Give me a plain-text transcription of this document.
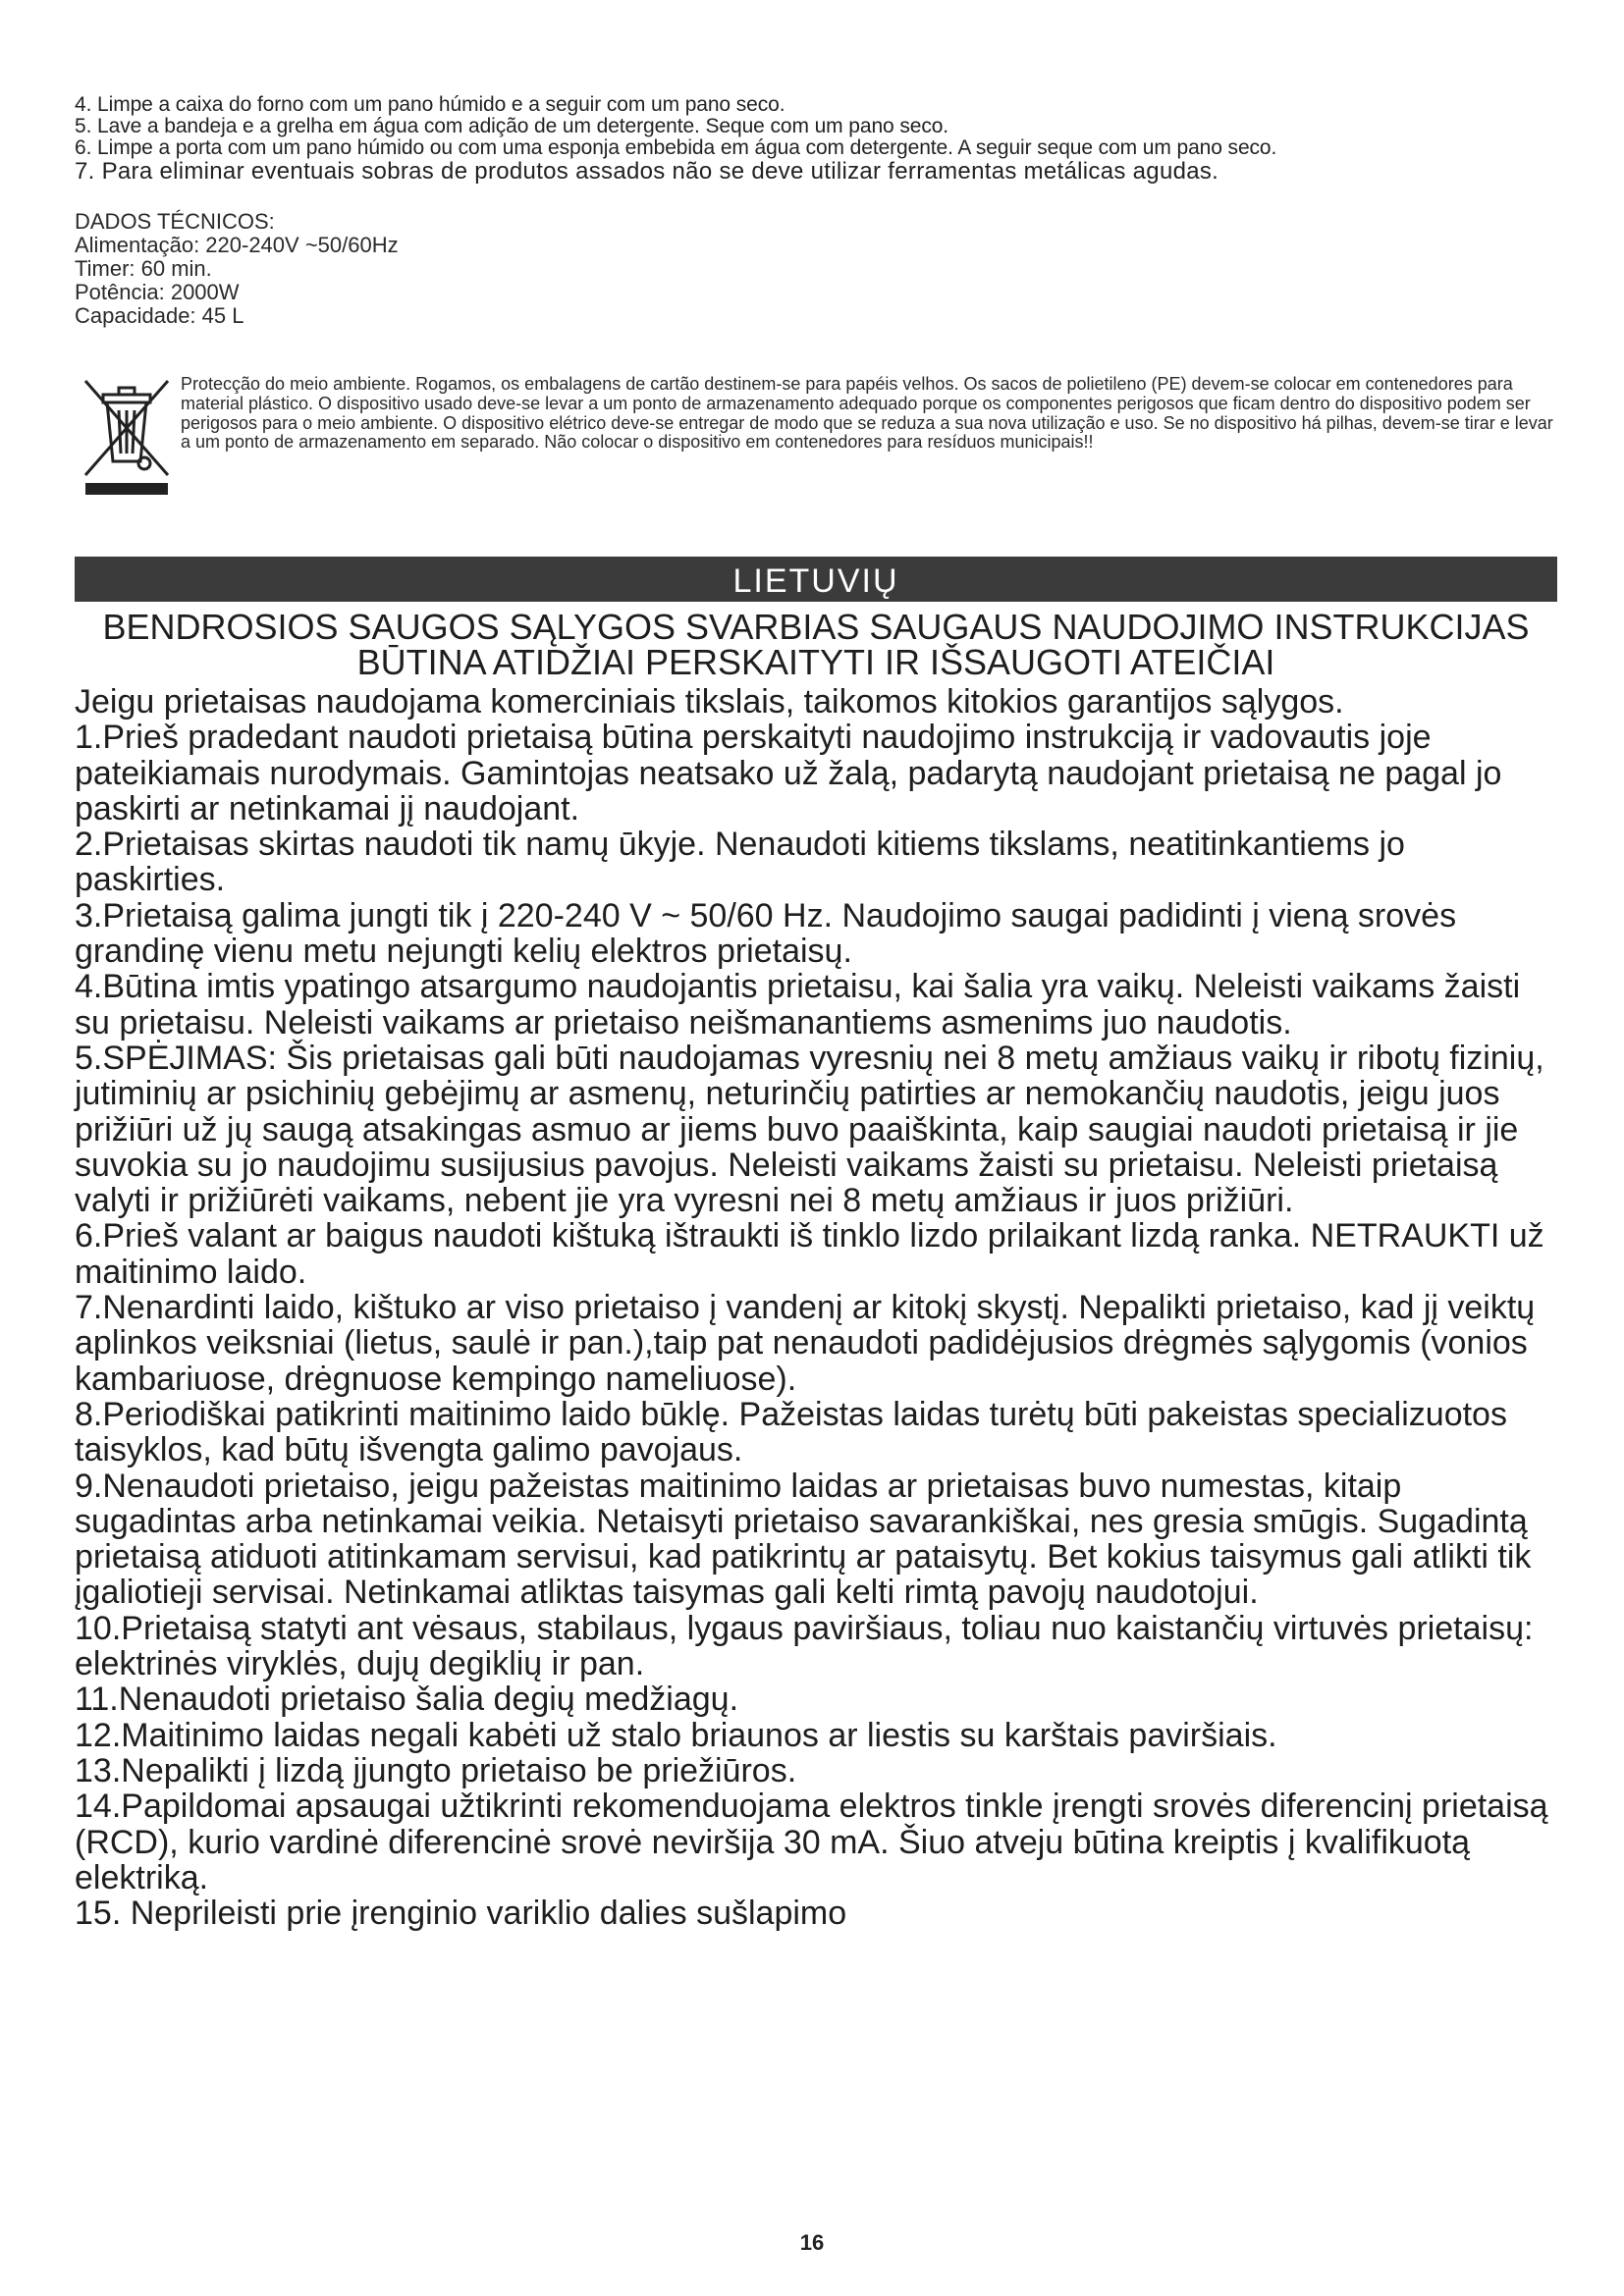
4. Limpe a caixa do forno com um pano húmido e a seguir com um pano seco.
5. Lave a bandeja e a grelha em água com adição de um detergente. Seque com um pano seco.
6. Limpe a porta com um pano húmido ou com uma esponja embebida em água com detergente. A seguir seque com um pano seco.
7. Para eliminar eventuais sobras de produtos assados não se deve utilizar ferramentas metálicas agudas.
DADOS TÉCNICOS:
Alimentação: 220-240V ~50/60Hz
Timer: 60 min.
Potência: 2000W
Capacidade: 45 L
Protecção do meio ambiente. Rogamos, os embalagens de cartão destinem-se para papéis velhos. Os sacos de polietileno (PE) devem-se colocar em contenedores para material plástico. O dispositivo usado deve-se levar a um ponto de armazenamento adequado porque os componentes perigosos que ficam dentro do dispositivo podem ser perigosos para o meio ambiente. O dispositivo elétrico deve-se entregar de modo que se reduza a sua nova utilização e uso. Se no dispositivo há pilhas, devem-se tirar e levar a um ponto de armazenamento em separado. Não colocar o dispositivo em contenedores para resíduos municipais!!
LIETUVIŲ
BENDROSIOS SAUGOS SĄLYGOS SVARBIAS SAUGAUS NAUDOJIMO INSTRUKCIJAS
BŪTINA ATIDŽIAI PERSKAITYTI IR IŠSAUGOTI ATEIČIAI

Jeigu prietaisas naudojama komerciniais tikslais, taikomos kitokios garantijos sąlygos.

1.Prieš pradedant naudoti prietaisą būtina perskaityti naudojimo instrukciją ir vadovautis joje pateikiamais nurodymais. Gamintojas neatsako už žalą, padarytą naudojant prietaisą ne pagal jo paskirti ar netinkamai jį naudojant.

2.Prietaisas skirtas naudoti tik namų ūkyje. Nenaudoti kitiems tikslams, neatitinkantiems jo paskirties.

3.Prietaisą galima jungti tik į 220-240 V ~ 50/60 Hz. Naudojimo saugai padidinti į vieną srovės grandinę vienu metu nejungti kelių elektros prietaisų.

4.Būtina imtis ypatingo atsargumo naudojantis prietaisu, kai šalia yra vaikų. Neleisti vaikams žaisti su prietaisu. Neleisti vaikams ar prietaiso neišmanantiems asmenims juo naudotis.

5.SPĖJIMAS: Šis prietaisas gali būti naudojamas vyresnių nei 8 metų amžiaus vaikų ir ribotų fizinių, jutiminių ar psichinių gebėjimų ar asmenų, neturinčių patirties ar nemokančių naudotis, jeigu juos prižiūri už jų saugą atsakingas asmuo ar jiems buvo paaiškinta, kaip saugiai naudoti prietaisą ir jie suvokia su jo naudojimu susijusius pavojus. Neleisti vaikams žaisti su prietaisu. Neleisti prietaisą valyti ir prižiūrėti vaikams, nebent jie yra vyresni nei 8 metų amžiaus ir juos prižiūri.

6.Prieš valant ar baigus naudoti kištuką ištraukti iš tinklo lizdo prilaikant lizdą ranka. NETRAUKTI už maitinimo laido.

7.Nenardinti laido, kištuko ar viso prietaiso į vandenį ar kitokį skystį. Nepalikti prietaiso, kad jį veiktų aplinkos veiksniai (lietus, saulė ir pan.),taip pat nenaudoti padidėjusios drėgmės sąlygomis (vonios kambariuose, drėgnuose kempingo nameliuose).

8.Periodiškai patikrinti maitinimo laido būklę. Pažeistas laidas turėtų būti pakeistas specializuotos taisyklos, kad būtų išvengta galimo pavojaus.

9.Nenaudoti prietaiso, jeigu pažeistas maitinimo laidas ar prietaisas buvo numestas, kitaip sugadintas arba netinkamai veikia. Netaisyti prietaiso savarankiškai, nes gresia smūgis. Sugadintą prietaisą atiduoti atitinkamam servisui, kad patikrintų ar pataisytų. Bet kokius taisymus gali atlikti tik įgaliotieji servisai. Netinkamai atliktas taisymas gali kelti rimtą pavojų naudotojui.

10.Prietaisą statyti ant vėsaus, stabilaus, lygaus paviršiaus, toliau nuo kaistančių virtuvės prietaisų: elektrinės viryklės, dujų degiklių ir pan.

11.Nenaudoti prietaiso šalia degių medžiagų.

12.Maitinimo laidas negali kabėti už stalo briaunos ar liestis su karštais paviršiais.

13.Nepalikti į lizdą įjungto prietaiso be priežiūros.

14.Papildomai apsaugai užtikrinti rekomenduojama elektros tinkle įrengti srovės diferencinį prietaisą (RCD), kurio vardinė diferencinė srovė neviršija 30 mA. Šiuo atveju būtina kreiptis į kvalifikuotą elektriką.

15. Neprileisti prie įrenginio variklio dalies sušlapimo

16
